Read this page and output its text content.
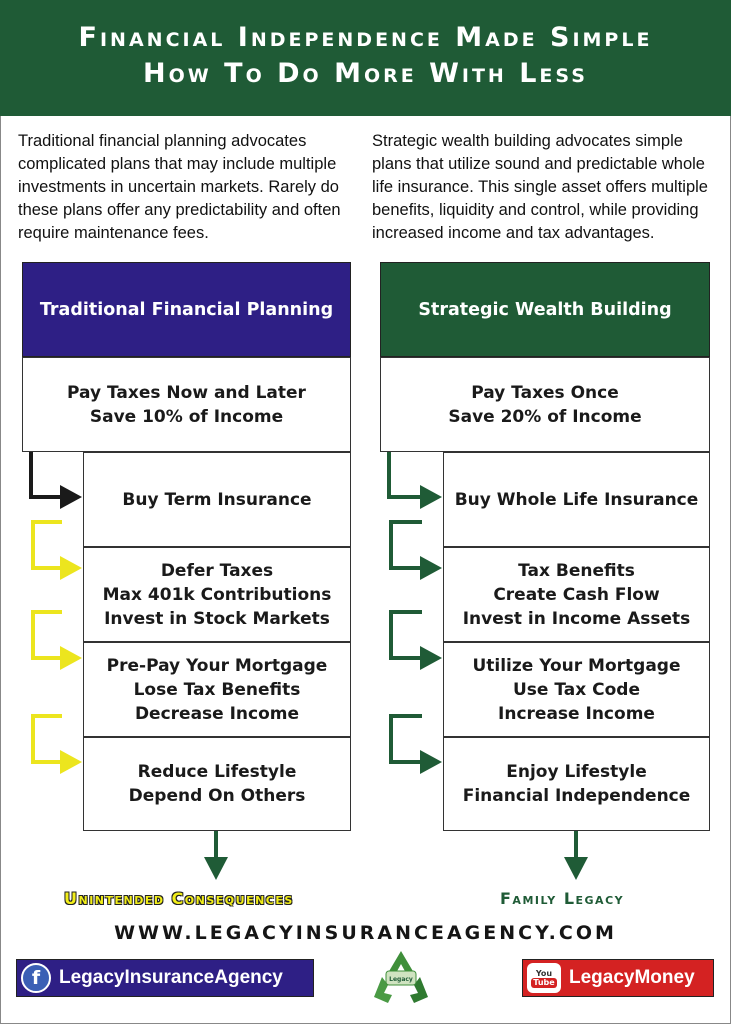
Financial Independence Made Simple
How To Do More With Less
Traditional financial planning advocates complicated plans that may include multiple investments in uncertain markets. Rarely do these plans offer any predictability and often require maintenance fees.
Strategic wealth building advocates simple plans that utilize sound and predictable whole life insurance. This single asset offers multiple benefits, liquidity and control, while providing increased income and tax advantages.
Traditional Financial Planning
Pay Taxes Now and Later
Save 10% of Income
Buy Term Insurance
Defer Taxes
Max 401k Contributions
Invest in Stock Markets
Pre-Pay Your Mortgage
Lose Tax Benefits
Decrease Income
Reduce Lifestyle
Depend On Others
Strategic Wealth Building
Pay Taxes Once
Save 20% of Income
Buy Whole Life Insurance
Tax Benefits
Create Cash Flow
Invest in Income Assets
Utilize Your Mortgage
Use Tax Code
Increase Income
Enjoy Lifestyle
Financial Independence
Unintended Consequences	Family Legacy
WWW.LEGACYINSURANCEAGENCY.COM
f LegacyInsuranceAgency	Legacy
You
Tube LegacyMoney
